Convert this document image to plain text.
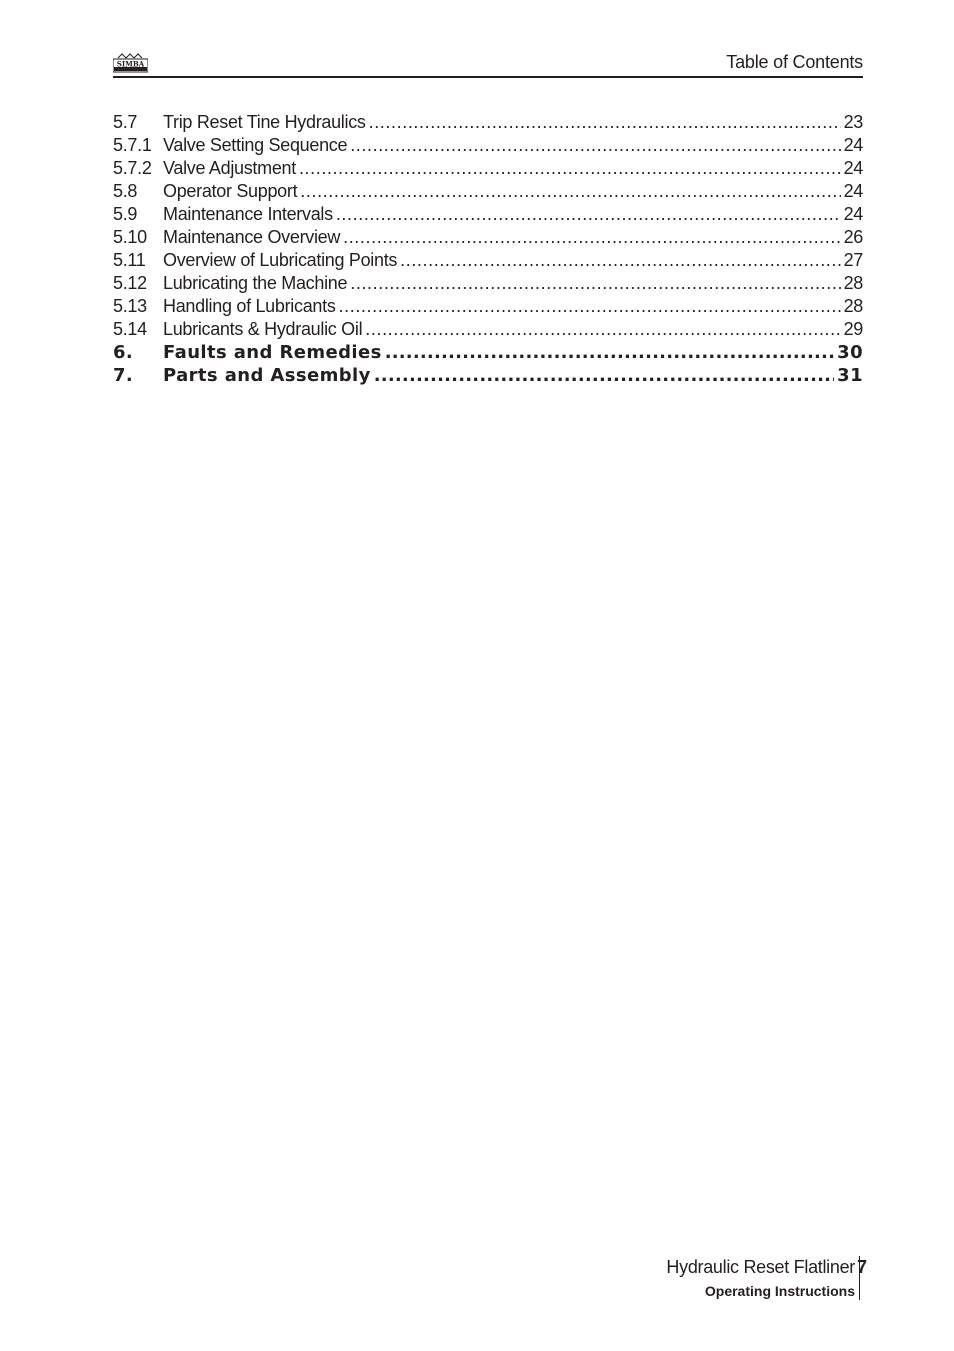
SIMBA	Table of Contents
5.7	Trip Reset Tine Hydraulics .....	23
5.7.1 Valve Setting Sequence .....	24
5.7.2 Valve Adjustment .....	24
5.8	Operator Support .....	24
5.9	Maintenance Intervals .....	24
5.10 Maintenance Overview .....	26
5.11 Overview of Lubricating Points .....	27
5.12 Lubricating the Machine .....	28
5.13 Handling of Lubricants .....	28
5.14 Lubricants & Hydraulic Oil .....	29
6.	Faults and Remedies .....	30
7.	Parts and Assembly .....	31
Hydraulic Reset Flatliner
Operating Instructions
7
